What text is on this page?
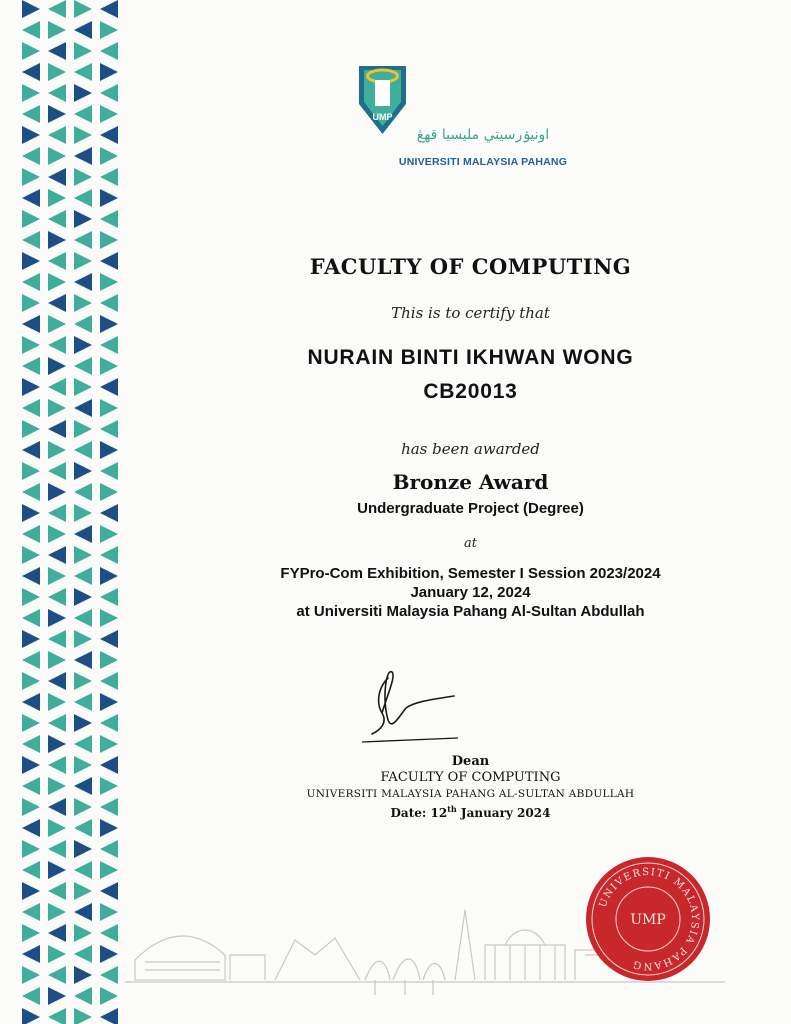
UMP
اونيۏرسيتي مليسيا قهڠ
UNIVERSITI MALAYSIA PAHANG
FACULTY OF COMPUTING
This is to certify that
NURAIN BINTI IKHWAN WONG
CB20013
has been awarded
Bronze Award
Undergraduate Project (Degree)
at
FYPro-Com Exhibition, Semester I Session 2023/2024
January 12, 2024
at Universiti Malaysia Pahang Al-Sultan Abdullah
Dean
FACULTY OF COMPUTING
UNIVERSITI MALAYSIA PAHANG AL-SULTAN ABDULLAH
Date: 12th January 2024
UNIVERSITI MALAYSIA PAHANG
UMP
